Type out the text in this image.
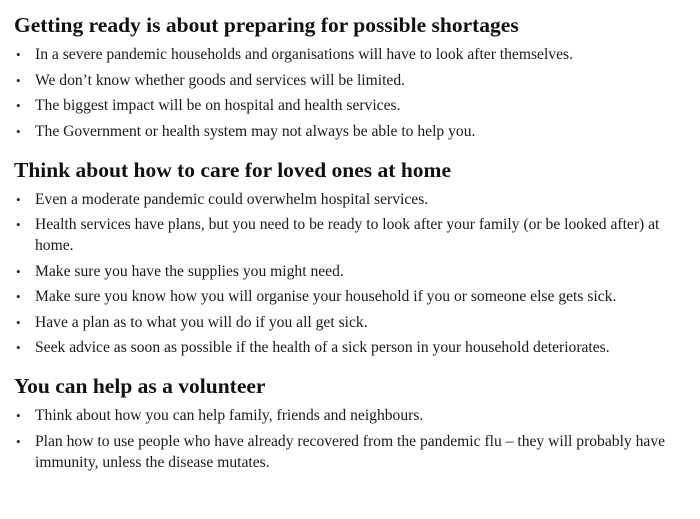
Getting ready is about preparing for possible shortages
• In a severe pandemic households and organisations will have to look after themselves.
• We don’t know whether goods and services will be limited.
• The biggest impact will be on hospital and health services.
• The Government or health system may not always be able to help you.
Think about how to care for loved ones at home
• Even a moderate pandemic could overwhelm hospital services.
• Health services have plans, but you need to be ready to look after your family (or be looked after) at home.
• Make sure you have the supplies you might need.
• Make sure you know how you will organise your household if you or someone else gets sick.
• Have a plan as to what you will do if you all get sick.
• Seek advice as soon as possible if the health of a sick person in your household deteriorates.
You can help as a volunteer
• Think about how you can help family, friends and neighbours.
• Plan how to use people who have already recovered from the pandemic flu – they will probably have immunity, unless the disease mutates.
